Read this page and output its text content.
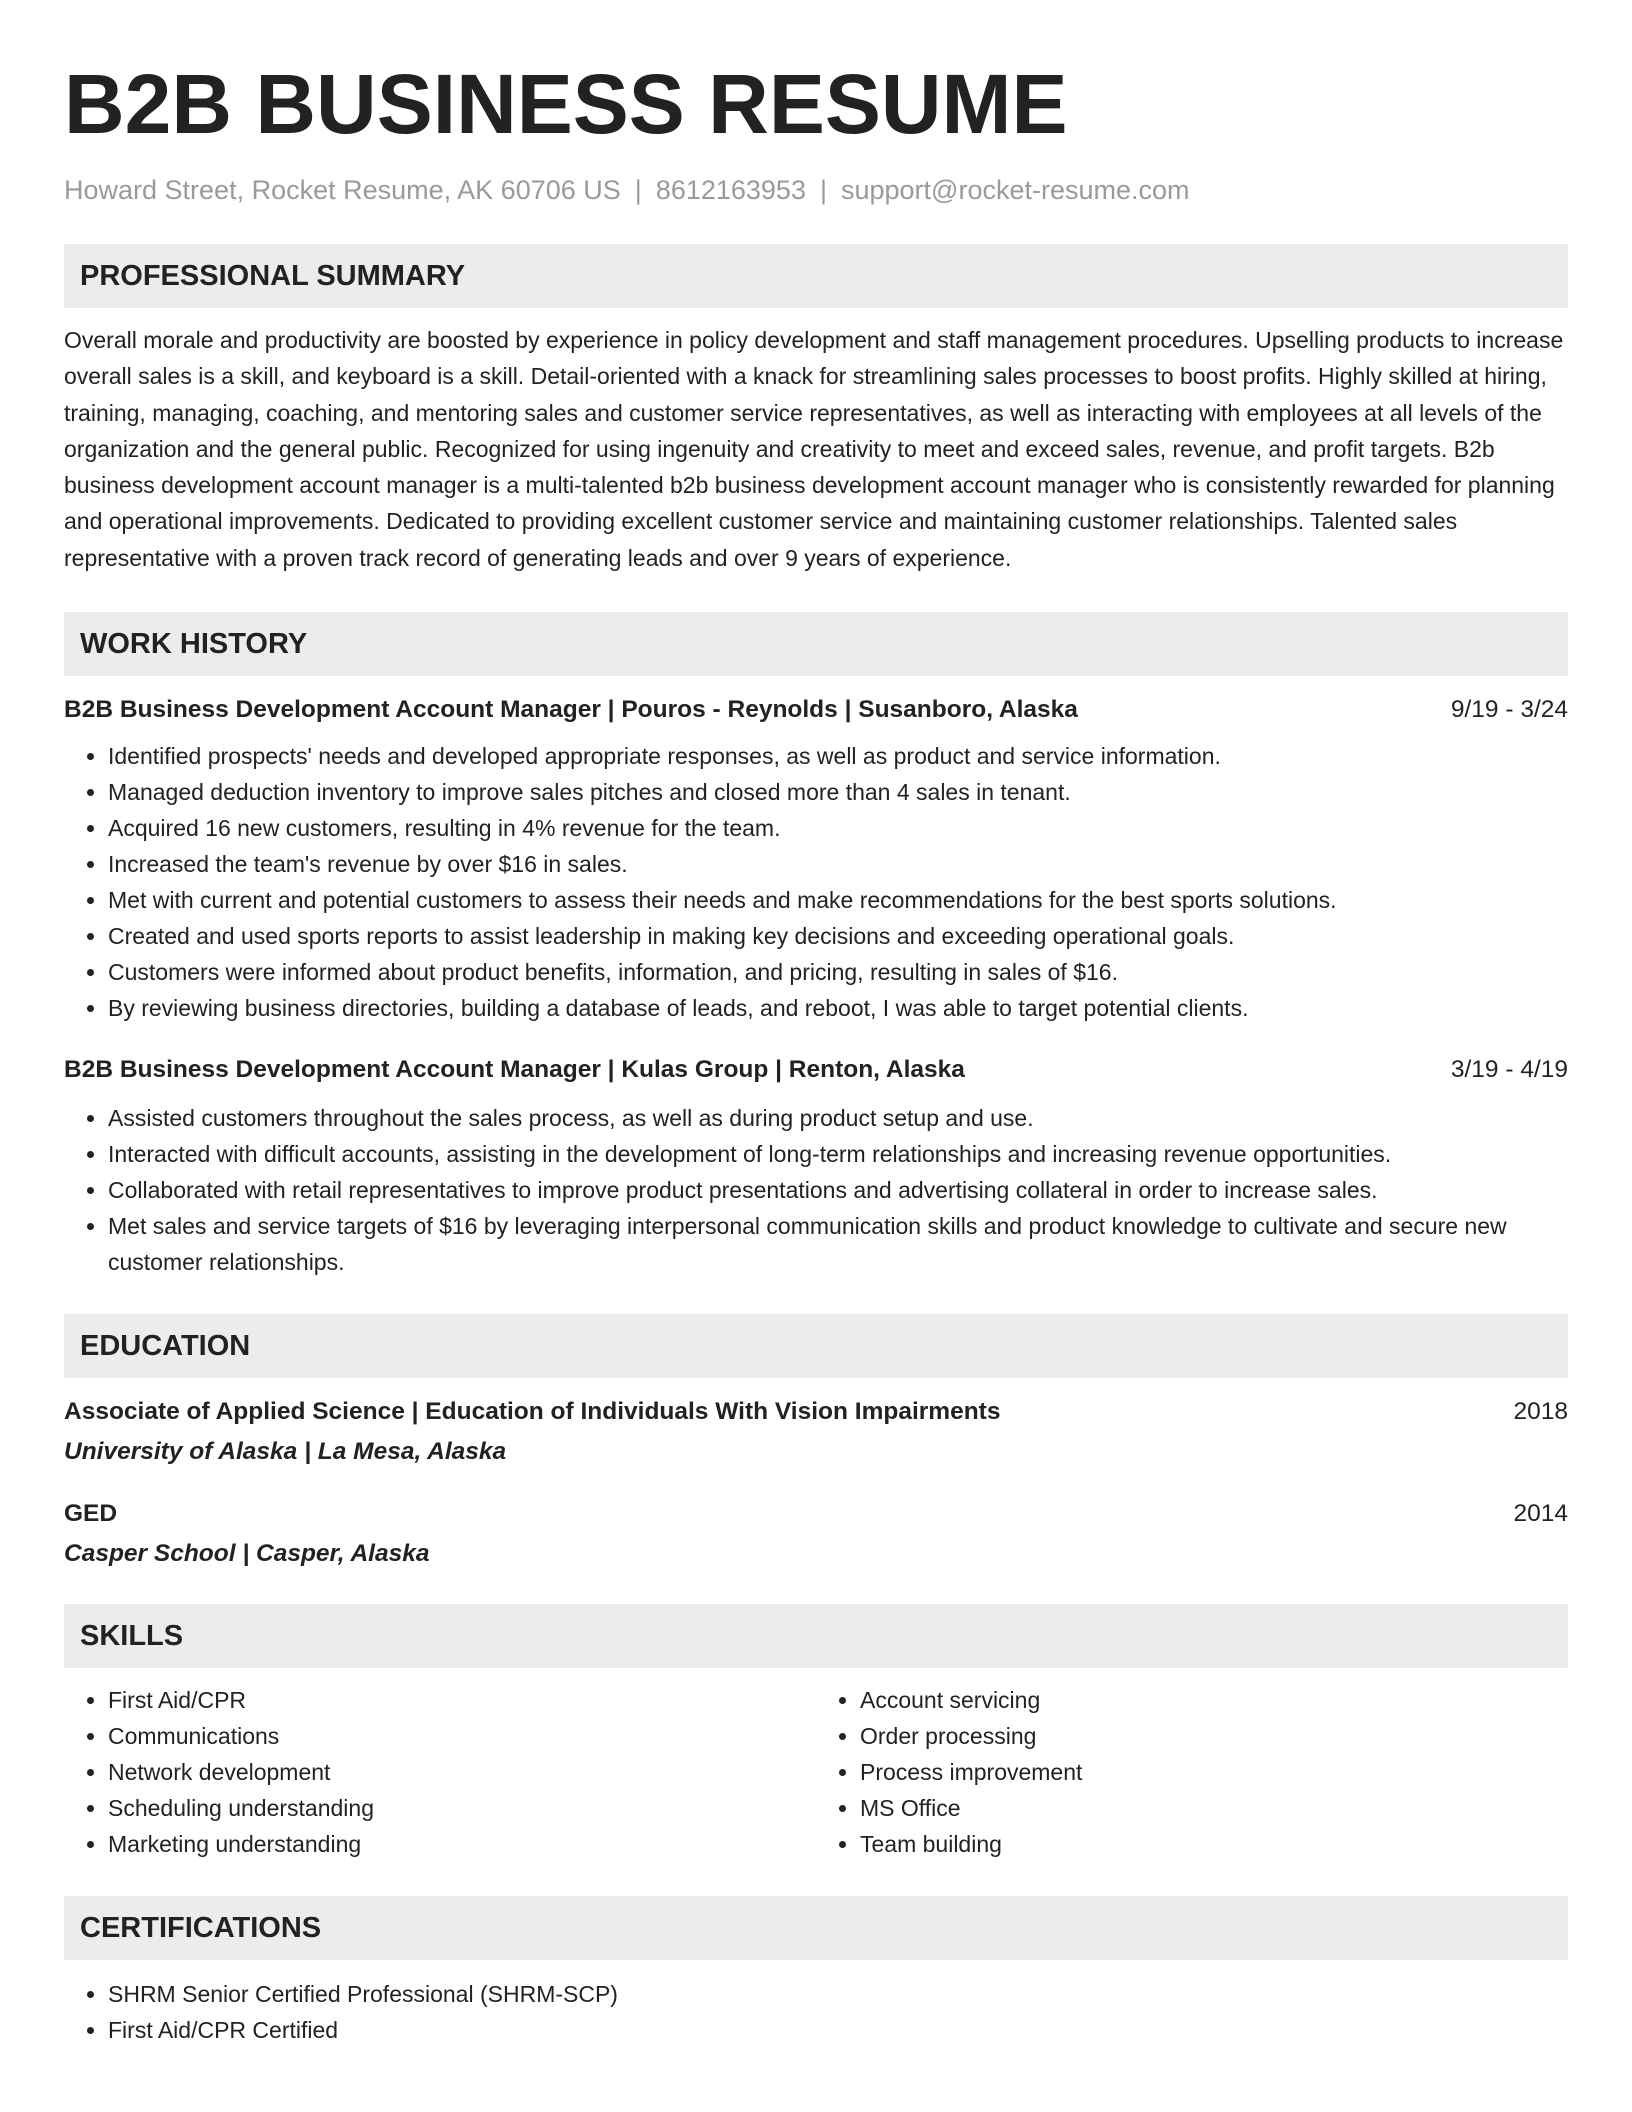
B2B BUSINESS RESUME
Howard Street, Rocket Resume, AK 60706 US | 8612163953 | support@rocket-resume.com
PROFESSIONAL SUMMARY

Overall morale and productivity are boosted by experience in policy development and staff management procedures. Upselling products to increase overall sales is a skill, and keyboard is a skill. Detail-oriented with a knack for streamlining sales processes to boost profits. Highly skilled at hiring, training, managing, coaching, and mentoring sales and customer service representatives, as well as interacting with employees at all levels of the organization and the general public. Recognized for using ingenuity and creativity to meet and exceed sales, revenue, and profit targets. B2b business development account manager is a multi-talented b2b business development account manager who is consistently rewarded for planning and operational improvements. Dedicated to providing excellent customer service and maintaining customer relationships. Talented sales representative with a proven track record of generating leads and over 9 years of experience.

WORK HISTORY
B2B Business Development Account Manager | Pouros - Reynolds | Susanboro, Alaska	9/19 - 3/24
• Identified prospects' needs and developed appropriate responses, as well as product and service information.
• Managed deduction inventory to improve sales pitches and closed more than 4 sales in tenant.
• Acquired 16 new customers, resulting in 4% revenue for the team.
• Increased the team's revenue by over $16 in sales.
• Met with current and potential customers to assess their needs and make recommendations for the best sports solutions.
• Created and used sports reports to assist leadership in making key decisions and exceeding operational goals.
• Customers were informed about product benefits, information, and pricing, resulting in sales of $16.
• By reviewing business directories, building a database of leads, and reboot, I was able to target potential clients.
B2B Business Development Account Manager | Kulas Group | Renton, Alaska	3/19 - 4/19
• Assisted customers throughout the sales process, as well as during product setup and use.
• Interacted with difficult accounts, assisting in the development of long-term relationships and increasing revenue opportunities.
• Collaborated with retail representatives to improve product presentations and advertising collateral in order to increase sales.
• Met sales and service targets of $16 by leveraging interpersonal communication skills and product knowledge to cultivate and secure new customer relationships.
EDUCATION
Associate of Applied Science | Education of Individuals With Vision Impairments	2018
University of Alaska | La Mesa, Alaska
GED	2014
Casper School | Casper, Alaska
SKILLS
• First Aid/CPR
• Communications
• Network development
• Scheduling understanding
• Marketing understanding
• Account servicing
• Order processing
• Process improvement
• MS Office
• Team building
CERTIFICATIONS
• SHRM Senior Certified Professional (SHRM-SCP)
• First Aid/CPR Certified
